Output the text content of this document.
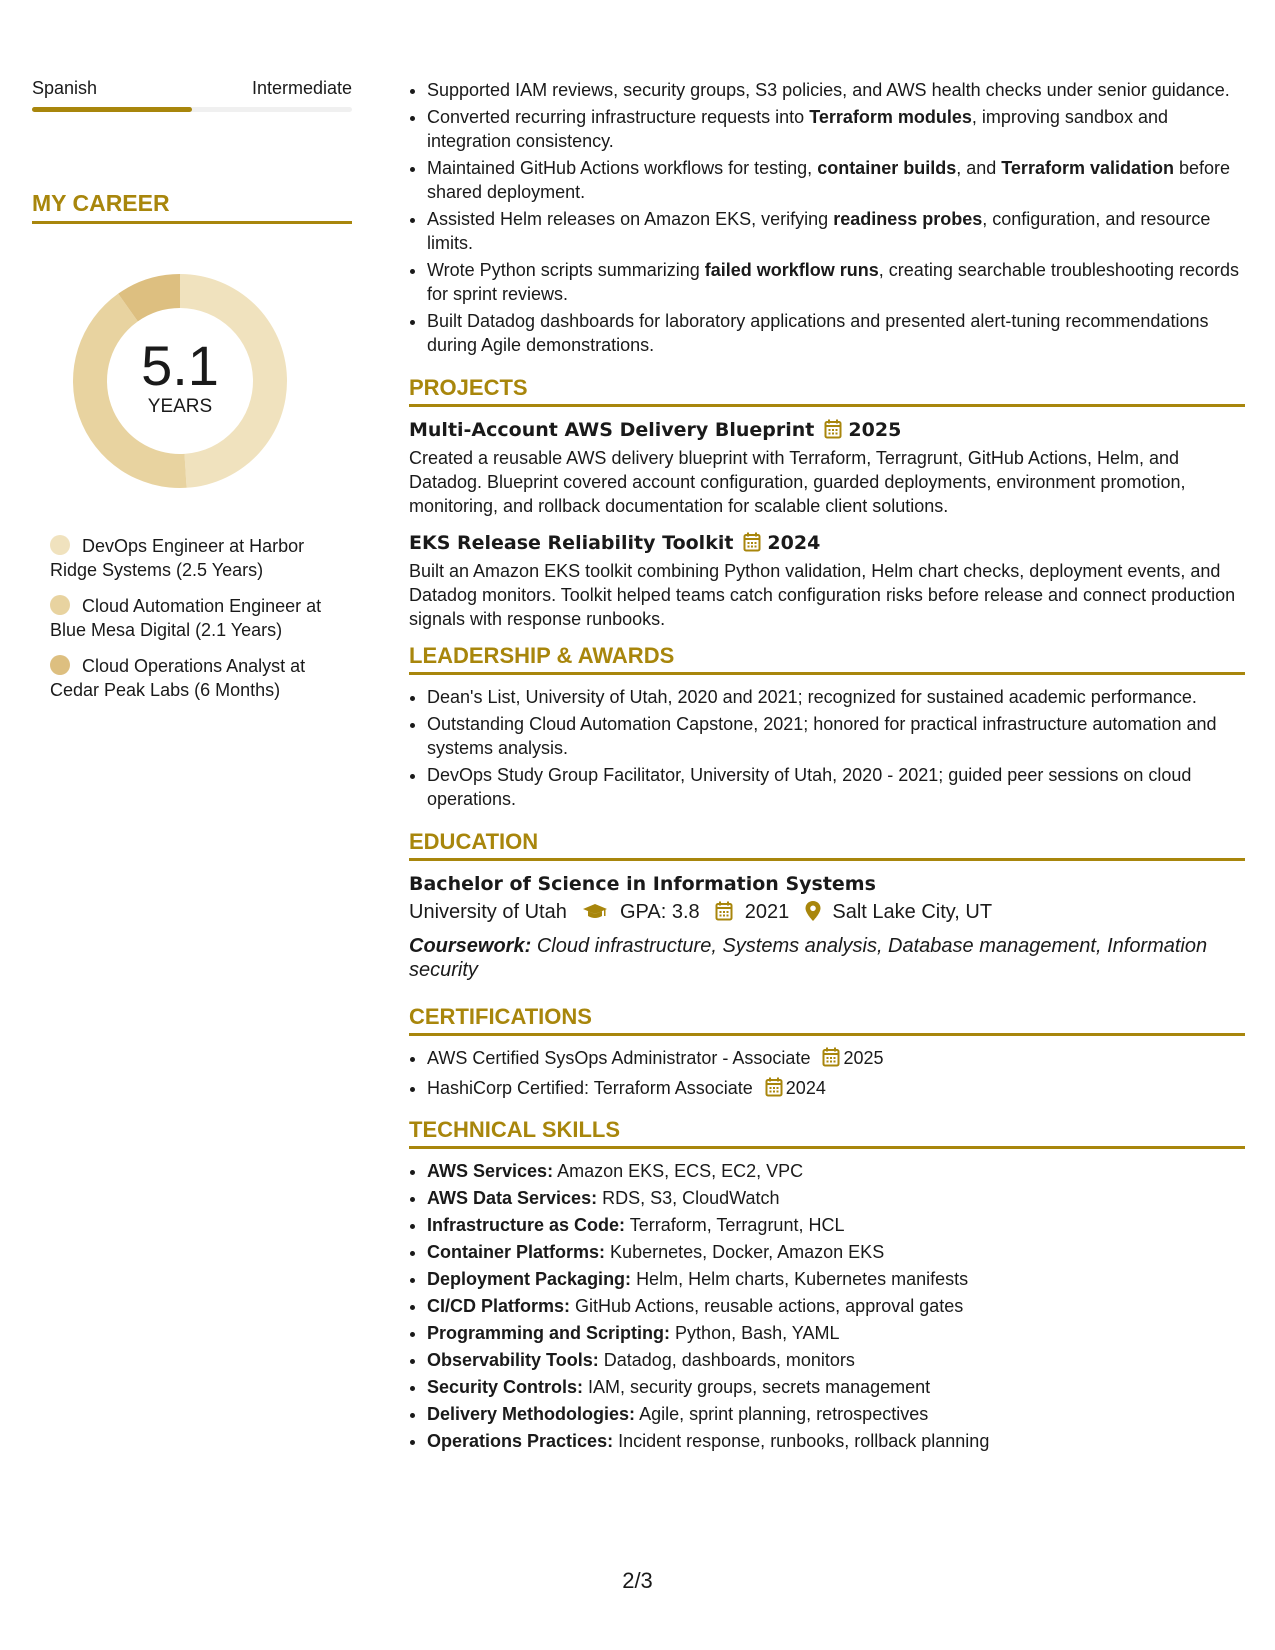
Spanish	Intermediate
MY CAREER
5.1
YEARS
DevOps Engineer at Harbor Ridge Systems (2.5 Years)
Cloud Automation Engineer at Blue Mesa Digital (2.1 Years)
Cloud Operations Analyst at Cedar Peak Labs (6 Months)
• Supported IAM reviews, security groups, S3 policies, and AWS health checks under senior guidance.
• Converted recurring infrastructure requests into Terraform modules, improving sandbox and integration consistency.
• Maintained GitHub Actions workflows for testing, container builds, and Terraform validation before shared deployment.
• Assisted Helm releases on Amazon EKS, verifying readiness probes, configuration, and resource limits.
• Wrote Python scripts summarizing failed workflow runs, creating searchable troubleshooting records for sprint reviews.
• Built Datadog dashboards for laboratory applications and presented alert-tuning recommendations during Agile demonstrations.
PROJECTS
Multi-Account AWS Delivery Blueprint 2025
Created a reusable AWS delivery blueprint with Terraform, Terragrunt, GitHub Actions, Helm, and Datadog. Blueprint covered account configuration, guarded deployments, environment promotion, monitoring, and rollback documentation for scalable client solutions.
EKS Release Reliability Toolkit 2024
Built an Amazon EKS toolkit combining Python validation, Helm chart checks, deployment events, and Datadog monitors. Toolkit helped teams catch configuration risks before release and connect production signals with response runbooks.
LEADERSHIP & AWARDS
• Dean's List, University of Utah, 2020 and 2021; recognized for sustained academic performance.
• Outstanding Cloud Automation Capstone, 2021; honored for practical infrastructure automation and systems analysis.
• DevOps Study Group Facilitator, University of Utah, 2020 - 2021; guided peer sessions on cloud operations.
EDUCATION
Bachelor of Science in Information Systems
University of Utah	GPA: 3.8 2021 Salt Lake City, UT
Coursework: Cloud infrastructure, Systems analysis, Database management, Information security
CERTIFICATIONS
• AWS Certified SysOps Administrator - Associate 2025
• HashiCorp Certified: Terraform Associate 2024
TECHNICAL SKILLS
• AWS Services: Amazon EKS, ECS, EC2, VPC
• AWS Data Services: RDS, S3, CloudWatch
• Infrastructure as Code: Terraform, Terragrunt, HCL
• Container Platforms: Kubernetes, Docker, Amazon EKS
• Deployment Packaging: Helm, Helm charts, Kubernetes manifests
• CI/CD Platforms: GitHub Actions, reusable actions, approval gates
• Programming and Scripting: Python, Bash, YAML
• Observability Tools: Datadog, dashboards, monitors
• Security Controls: IAM, security groups, secrets management
• Delivery Methodologies: Agile, sprint planning, retrospectives
• Operations Practices: Incident response, runbooks, rollback planning
2/3
